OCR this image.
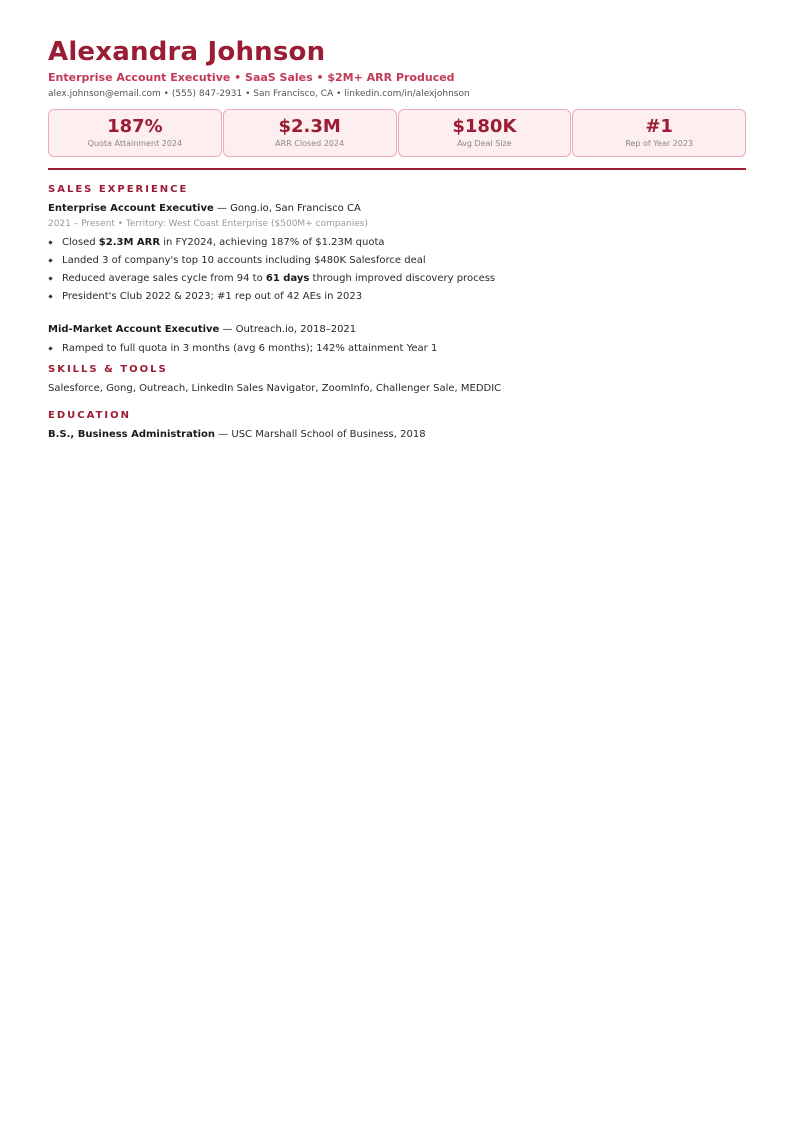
Alexandra Johnson
Enterprise Account Executive • SaaS Sales • $2M+ ARR Produced
alex.johnson@email.com • (555) 847-2931 • San Francisco, CA • linkedin.com/in/alexjohnson
187%
Quota Attainment 2024
$2.3M
ARR Closed 2024
$180K
Avg Deal Size
#1
Rep of Year 2023
SALES EXPERIENCE
Enterprise Account Executive — Gong.io, San Francisco CA
2021 – Present • Territory: West Coast Enterprise ($500M+ companies)
Closed $2.3M ARR in FY2024, achieving 187% of $1.23M quota
Landed 3 of company's top 10 accounts including $480K Salesforce deal
Reduced average sales cycle from 94 to 61 days through improved discovery process
President's Club 2022 & 2023; #1 rep out of 42 AEs in 2023
Mid-Market Account Executive — Outreach.io, 2018–2021
Ramped to full quota in 3 months (avg 6 months); 142% attainment Year 1
SKILLS & TOOLS
Salesforce, Gong, Outreach, LinkedIn Sales Navigator, ZoomInfo, Challenger Sale, MEDDIC
EDUCATION
B.S., Business Administration — USC Marshall School of Business, 2018
